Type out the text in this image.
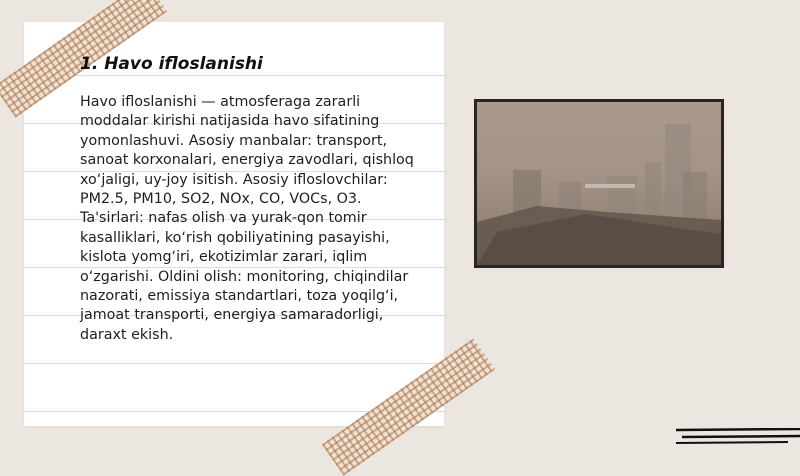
1. Havo ifloslanishi

Havo ifloslanishi — atmosferaga zararli moddalar kirishi natijasida havo sifatining yomonlashuvi. Asosiy manbalar: transport, sanoat korxonalari, energiya zavodlari, qishloq xo‘jaligi, uy-joy isitish. Asosiy ifloslovchilar: PM2.5, PM10, SO2, NOx, CO, VOCs, O3. Ta'sirlari: nafas olish va yurak-qon tomir kasalliklari, ko‘rish qobiliyatining pasayishi, kislota yomg‘iri, ekotizimlar zarari, iqlim o‘zgarishi. Oldini olish: monitoring, chiqindilar nazorati, emissiya standartlari, toza yoqilg‘i, jamoat transporti, energiya samaradorligi, daraxt ekish.
